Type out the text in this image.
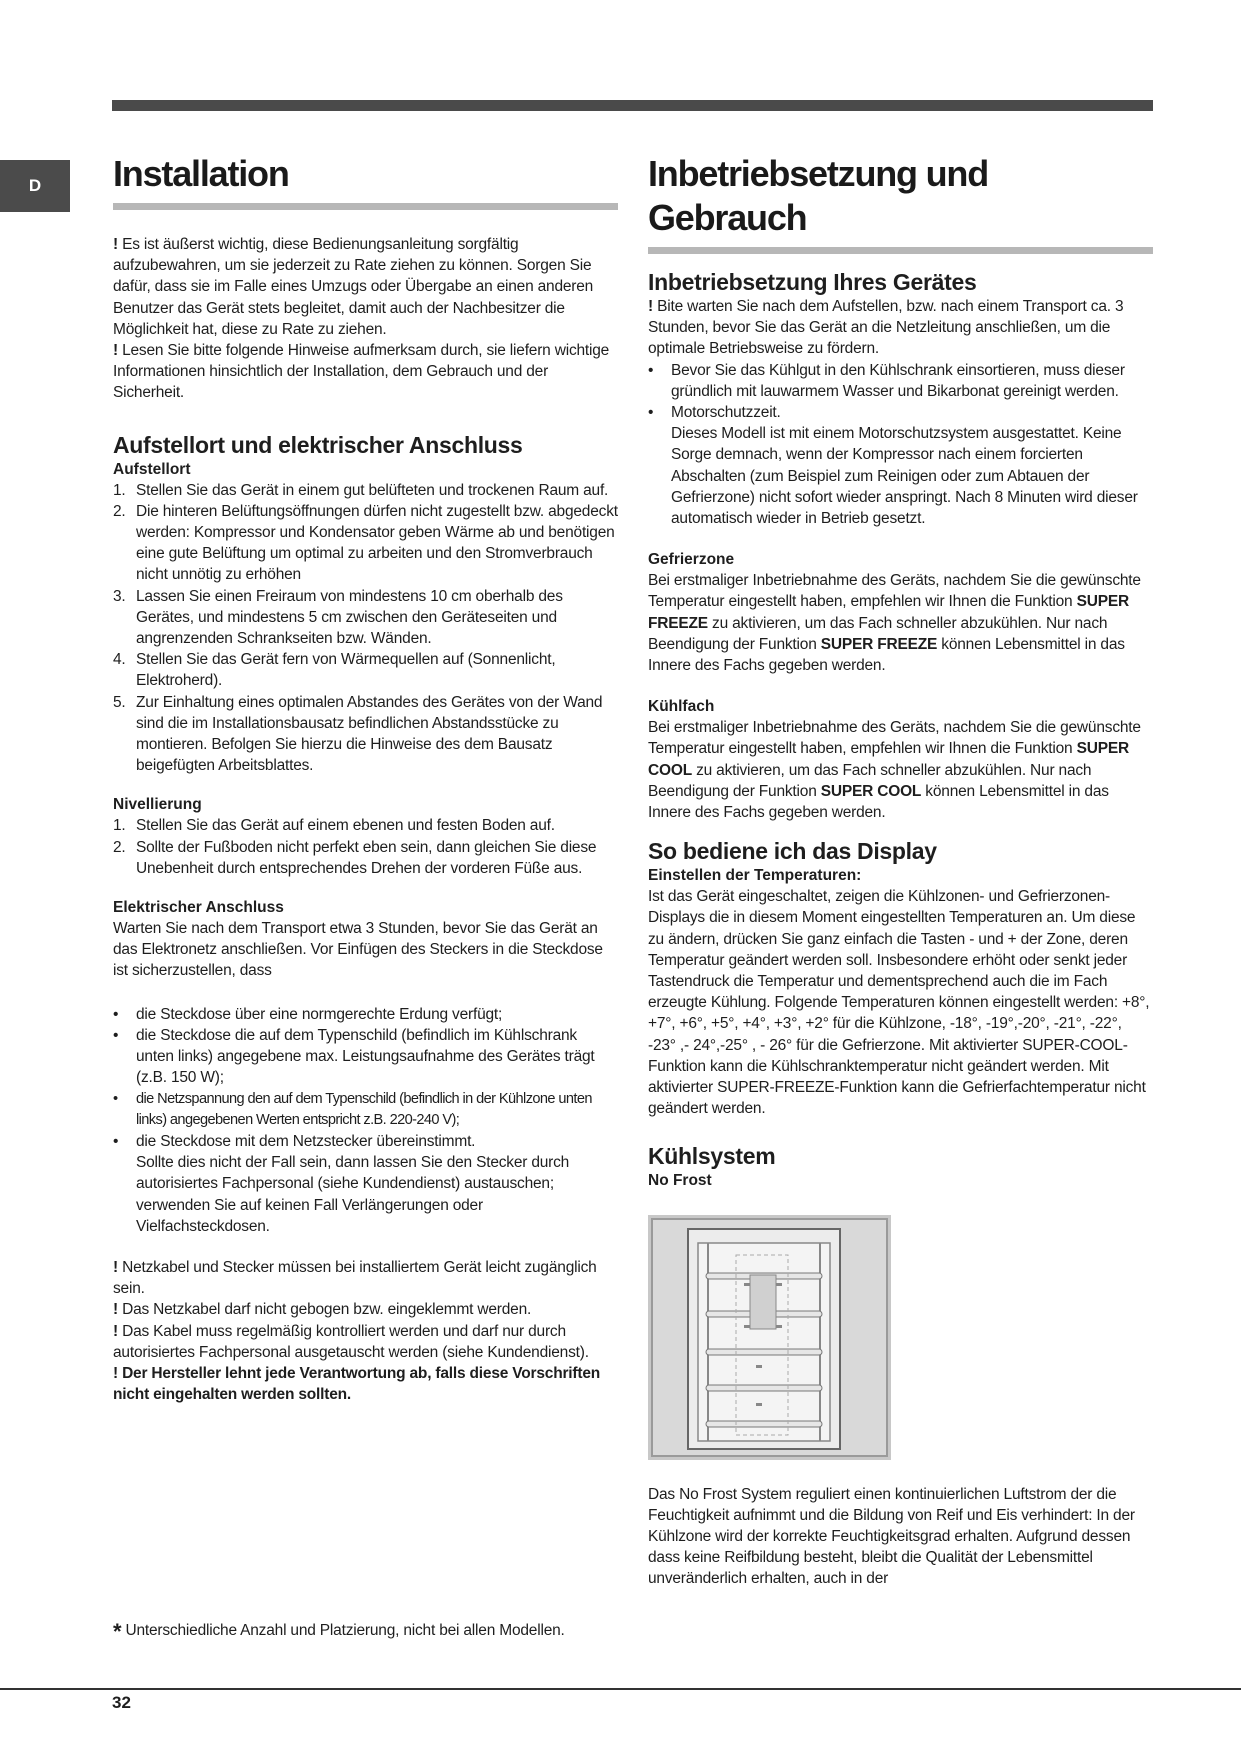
D	Installation

! Es ist äußerst wichtig, diese Bedienungsanleitung sorgfältig aufzubewahren, um sie jederzeit zu Rate ziehen zu können. Sorgen Sie dafür, dass sie im Falle eines Umzugs oder Übergabe an einen anderen Benutzer das Gerät stets begleitet, damit auch der Nachbesitzer die Möglichkeit hat, diese zu Rate zu ziehen.

! Lesen Sie bitte folgende Hinweise aufmerksam durch, sie liefern wichtige Informationen hinsichtlich der Installation, dem Gebrauch und der Sicherheit.

Aufstellort und elektrischer Anschluss
Aufstellort
1. Stellen Sie das Gerät in einem gut belüfteten und trockenen Raum auf.
2. Die hinteren Belüftungsöffnungen dürfen nicht zugestellt bzw. abgedeckt werden: Kompressor und Kondensator geben Wärme ab und benötigen eine gute Belüftung um optimal zu arbeiten und den Stromverbrauch nicht unnötig zu erhöhen
3. Lassen Sie einen Freiraum von mindestens 10 cm oberhalb des Gerätes, und mindestens 5 cm zwischen den Geräteseiten und angrenzenden Schrankseiten bzw. Wänden.
4. Stellen Sie das Gerät fern von Wärmequellen auf (Sonnenlicht, Elektroherd).
5. Zur Einhaltung eines optimalen Abstandes des Gerätes von der Wand sind die im Installationsbausatz befindlichen Abstandsstücke zu montieren. Befolgen Sie hierzu die Hinweise des dem Bausatz beigefügten Arbeitsblattes.
Nivellierung
1. Stellen Sie das Gerät auf einem ebenen und festen Boden auf.
2. Sollte der Fußboden nicht perfekt eben sein, dann gleichen Sie diese Unebenheit durch entsprechendes Drehen der vorderen Füße aus.
Elektrischer Anschluss

Warten Sie nach dem Transport etwa 3 Stunden, bevor Sie das Gerät an das Elektronetz anschließen. Vor Einfügen des Steckers in die Steckdose ist sicherzustellen, dass

• die Steckdose über eine normgerechte Erdung verfügt;
• die Steckdose die auf dem Typenschild (befindlich im Kühlschrank unten links) angegebene max. Leistungsaufnahme des Gerätes trägt (z.B. 150 W);
• die Netzspannung den auf dem Typenschild (befindlich in der Kühlzone unten links) angegebenen Werten entspricht z.B. 220-240 V);
• die Steckdose mit dem Netzstecker übereinstimmt.
Sollte dies nicht der Fall sein, dann lassen Sie den Stecker durch autorisiertes Fachpersonal (siehe Kundendienst) austauschen; verwenden Sie auf keinen Fall Verlängerungen oder Vielfachsteckdosen.

! Netzkabel und Stecker müssen bei installiertem Gerät leicht zugänglich sein.

! Das Netzkabel darf nicht gebogen bzw. eingeklemmt werden.

! Das Kabel muss regelmäßig kontrolliert werden und darf nur durch autorisiertes Fachpersonal ausgetauscht werden (siehe Kundendienst).

! Der Hersteller lehnt jede Verantwortung ab, falls diese Vorschriften nicht eingehalten werden sollten.

Inbetriebsetzung und Gebrauch
Inbetriebsetzung Ihres Gerätes

! Bite warten Sie nach dem Aufstellen, bzw. nach einem Transport ca. 3 Stunden, bevor Sie das Gerät an die Netzleitung anschließen, um die optimale Betriebsweise zu fördern.

• Bevor Sie das Kühlgut in den Kühlschrank einsortieren, muss dieser gründlich mit lauwarmem Wasser und Bikarbonat gereinigt werden.
• Motorschutzzeit.
Dieses Modell ist mit einem Motorschutzsystem ausgestattet. Keine Sorge demnach, wenn der Kompressor nach einem forcierten Abschalten (zum Beispiel zum Reinigen oder zum Abtauen der Gefrierzone) nicht sofort wieder anspringt. Nach 8 Minuten wird dieser automatisch wieder in Betrieb gesetzt.
Gefrierzone

Bei erstmaliger Inbetriebnahme des Geräts, nachdem Sie die gewünschte Temperatur eingestellt haben, empfehlen wir Ihnen die Funktion SUPER FREEZE zu aktivieren, um das Fach schneller abzukühlen. Nur nach Beendigung der Funktion SUPER FREEZE können Lebensmittel in das Innere des Fachs gegeben werden.

Kühlfach

Bei erstmaliger Inbetriebnahme des Geräts, nachdem Sie die gewünschte Temperatur eingestellt haben, empfehlen wir Ihnen die Funktion SUPER COOL zu aktivieren, um das Fach schneller abzukühlen. Nur nach Beendigung der Funktion SUPER COOL können Lebensmittel in das Innere des Fachs gegeben werden.

So bediene ich das Display
Einstellen der Temperaturen:

Ist das Gerät eingeschaltet, zeigen die Kühlzonen- und Gefrierzonen-Displays die in diesem Moment eingestellten Temperaturen an. Um diese zu ändern, drücken Sie ganz einfach die Tasten - und + der Zone, deren Temperatur geändert werden soll. Insbesondere erhöht oder senkt jeder Tastendruck die Temperatur und dementsprechend auch die im Fach erzeugte Kühlung. Folgende Temperaturen können eingestellt werden: +8°, +7°, +6°, +5°, +4°, +3°, +2° für die Kühlzone, -18°, -19°,-20°, -21°, -22°, -23° ,- 24°,-25° , - 26° für die Gefrierzone. Mit aktivierter SUPER-COOL-Funktion kann die Kühlschranktemperatur nicht geändert werden. Mit aktivierter SUPER-FREEZE-Funktion kann die Gefrierfachtemperatur nicht geändert werden.

Kühlsystem
No Frost

Das No Frost System reguliert einen kontinuierlichen Luftstrom der die Feuchtigkeit aufnimmt und die Bildung von Reif und Eis verhindert: In der Kühlzone wird der korrekte Feuchtigkeitsgrad erhalten. Aufgrund dessen dass keine Reifbildung besteht, bleibt die Qualität der Lebensmittel unveränderlich erhalten, auch in der

* Unterschiedliche Anzahl und Platzierung, nicht bei allen Modellen.
32
